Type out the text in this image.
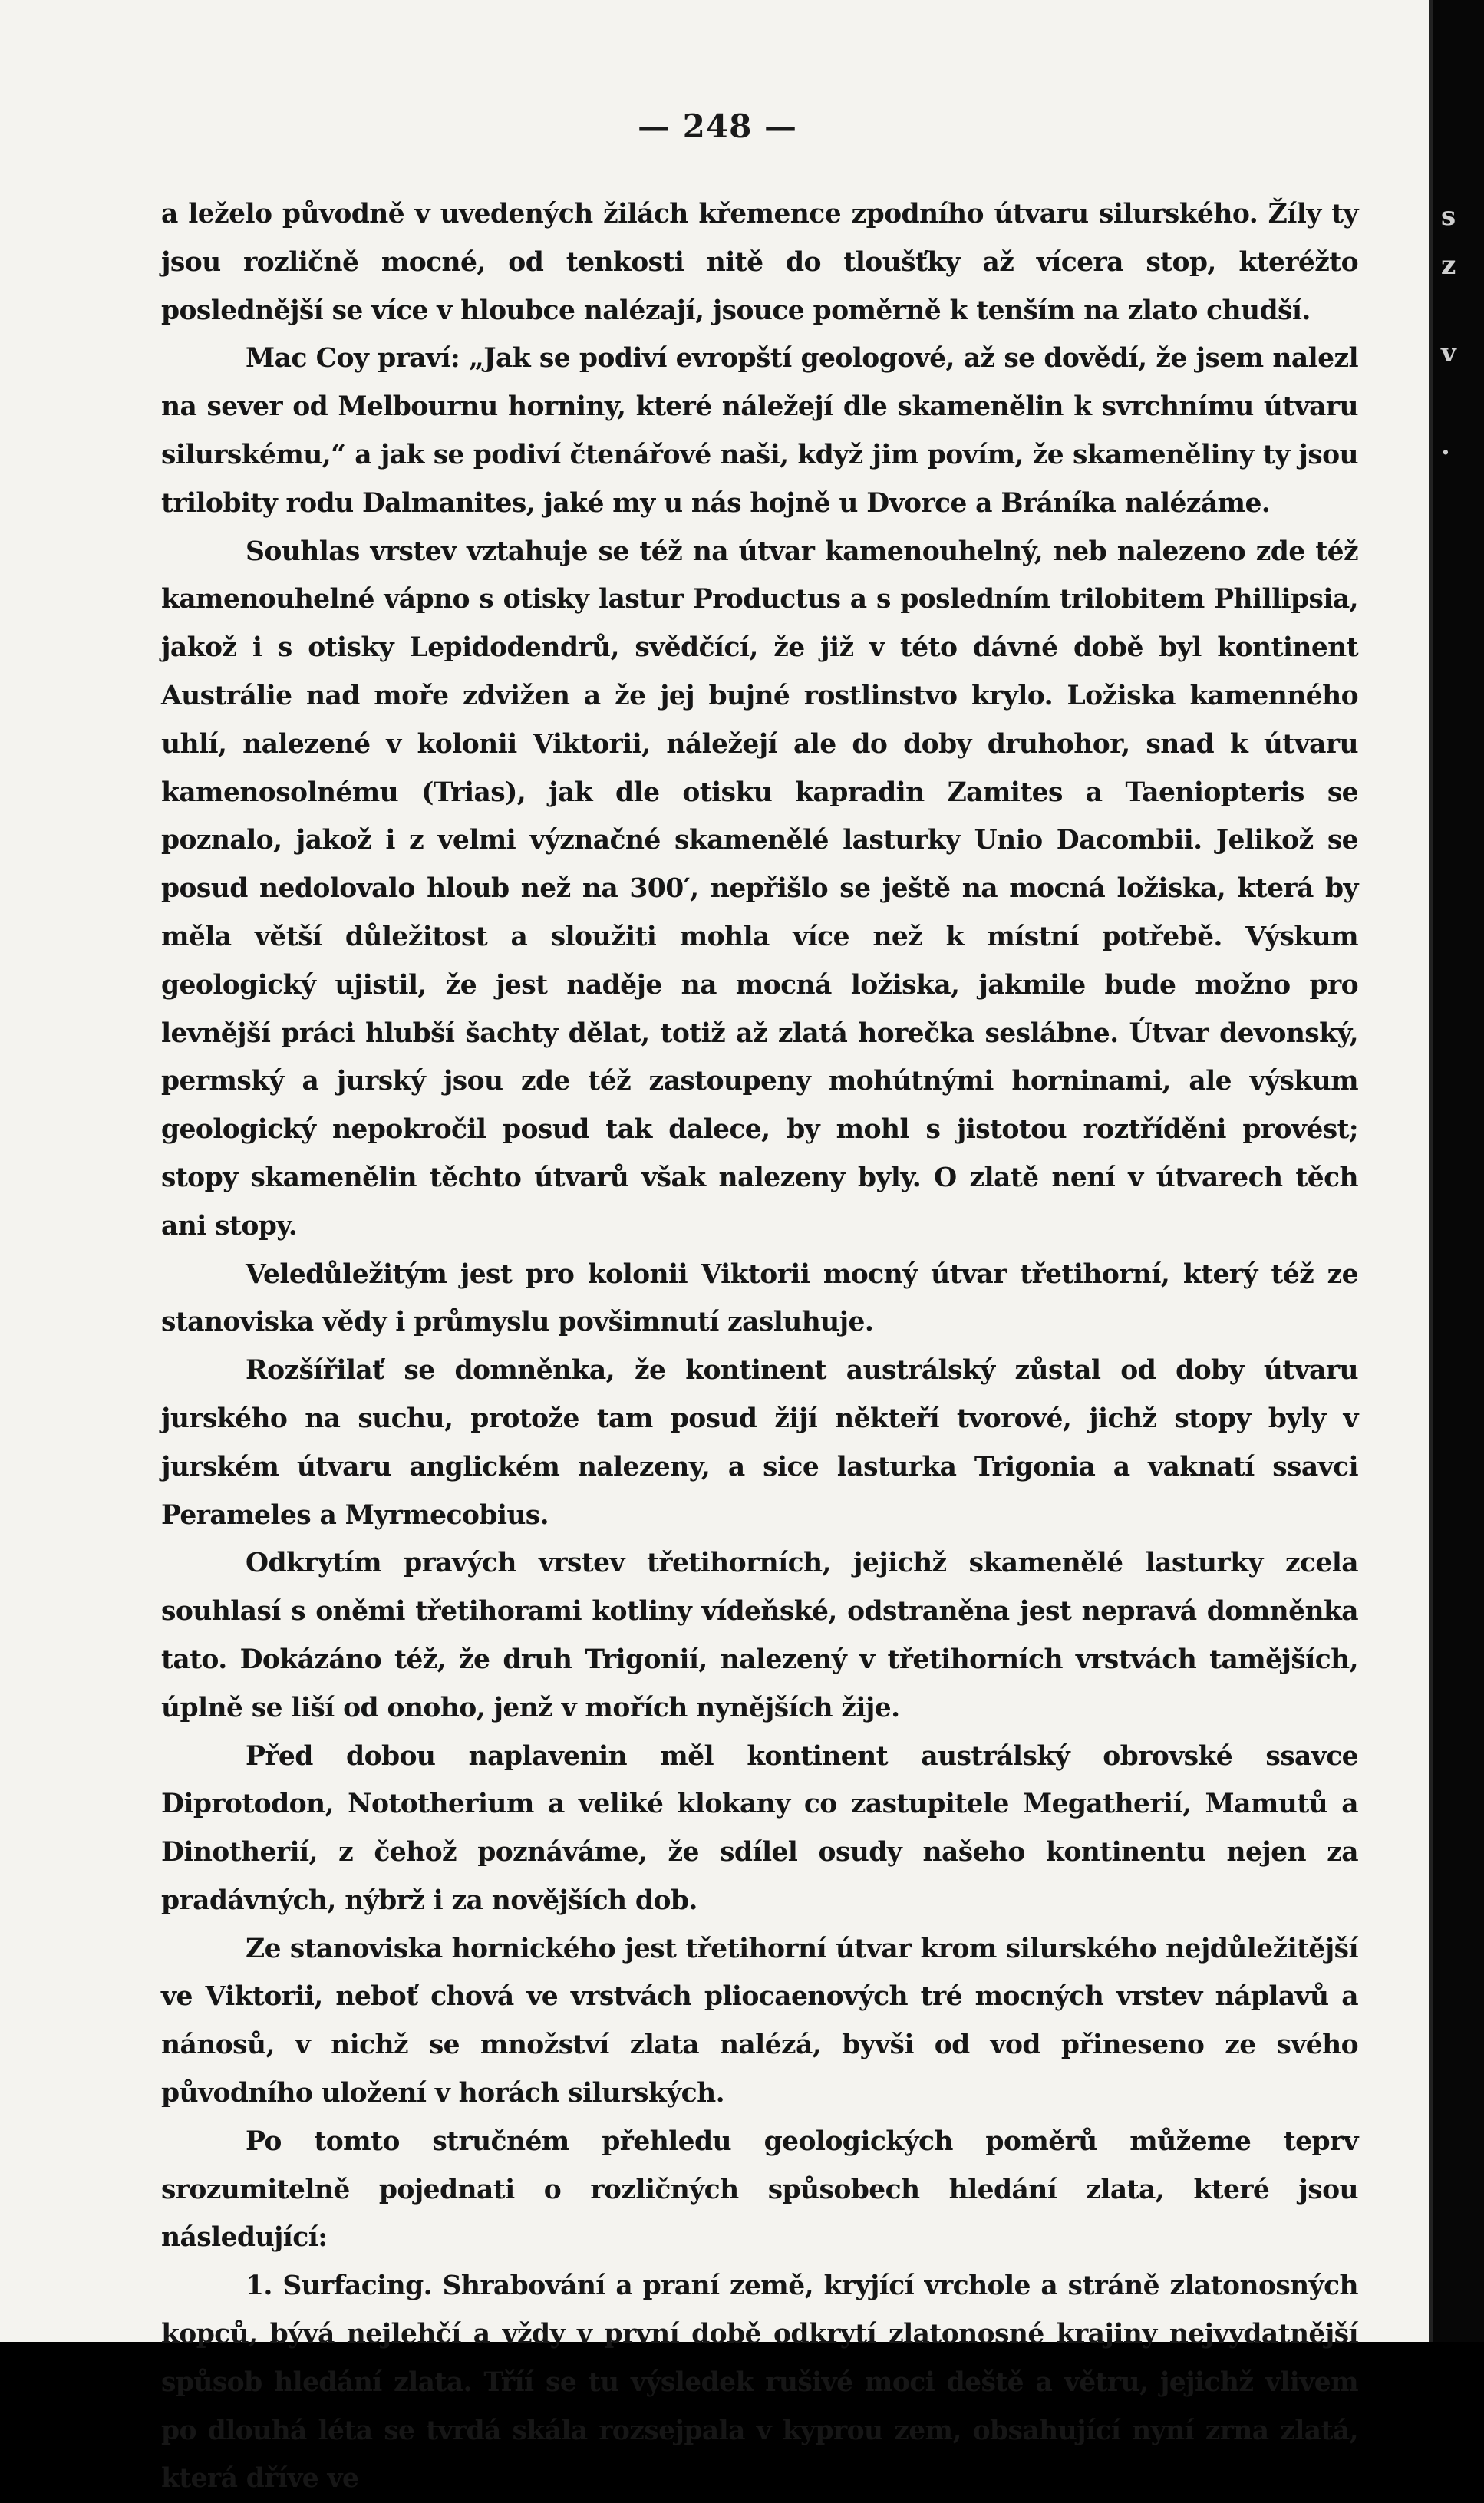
— 248 —

a leželo původně v uvedených žilách křemence zpodního útvaru silurského. Žíly ty jsou rozličně mocné, od tenkosti nitě do tloušťky až vícera stop, kteréžto poslednější se více v hloubce nalézají, jsouce poměrně k tenším na zlato chudší.

Mac Coy praví: „Jak se podiví evropští geologové, až se dovědí, že jsem nalezl na sever od Melbournu horniny, které náležejí dle skamenělin k svrchnímu útvaru silurskému,“ a jak se podiví čtenářové naši, když jim povím, že skameněliny ty jsou trilobity rodu Dalmanites, jaké my u nás hojně u Dvorce a Bráníka nalézáme.

Souhlas vrstev vztahuje se též na útvar kamenouhelný, neb nalezeno zde též kamenouhelné vápno s otisky lastur Productus a s posledním trilobitem Phillipsia, jakož i s otisky Lepidodendrů, svědčící, že již v této dávné době byl kontinent Austrálie nad moře zdvižen a že jej bujné rostlinstvo krylo. Ložiska kamenného uhlí, nalezené v kolonii Viktorii, náležejí ale do doby druhohor, snad k útvaru kamenosolnému (Trias), jak dle otisku kapradin Zamites a Taeniopteris se poznalo, jakož i z velmi význačné skamenělé lasturky Unio Dacombii. Jelikož se posud nedolovalo hloub než na 300′, nepřišlo se ještě na mocná ložiska, která by měla větší důležitost a sloužiti mohla více než k místní potřebě. Výskum geologický ujistil, že jest naděje na mocná ložiska, jakmile bude možno pro levnější práci hlubší šachty dělat, totiž až zlatá horečka seslábne. Útvar devonský, permský a jurský jsou zde též zastoupeny mohútnými horninami, ale výskum geologický nepokročil posud tak dalece, by mohl s jistotou roztříděni provést; stopy skamenělin těchto útvarů však nalezeny byly. O zlatě není v útvarech těch ani stopy.

Veledůležitým jest pro kolonii Viktorii mocný útvar třetihorní, který též ze stanoviska vědy i průmyslu povšimnutí zasluhuje.

Rozšířilať se domněnka, že kontinent austrálský zůstal od doby útvaru jurského na suchu, protože tam posud žijí někteří tvorové, jichž stopy byly v jurském útvaru anglickém nalezeny, a sice lasturka Trigonia a vaknatí ssavci Perameles a Myrmecobius.

Odkrytím pravých vrstev třetihorních, jejichž skamenělé lasturky zcela souhlasí s oněmi třetihorami kotliny vídeňské, odstraněna jest nepravá domněnka tato. Dokázáno též, že druh Trigonií, nalezený v třetihorních vrstvách tamějších, úplně se liší od onoho, jenž v mořích nynějších žije.

Před dobou naplavenin měl kontinent austrálský obrovské ssavce Diprotodon, Nototherium a veliké klokany co zastupitele Megatherií, Mamutů a Dinotherií, z čehož poznáváme, že sdílel osudy našeho kontinentu nejen za pradávných, nýbrž i za novějších dob.

Ze stanoviska hornického jest třetihorní útvar krom silurského nejdůležitější ve Viktorii, neboť chová ve vrstvách pliocaenových tré mocných vrstev náplavů a nánosů, v nichž se množství zlata nalézá, byvši od vod přineseno ze svého původního uložení v horách silurských.

Po tomto stručném přehledu geologických poměrů můžeme teprv srozumitelně pojednati o rozličných spůsobech hledání zlata, které jsou následující:

1. Surfacing. Shrabování a praní země, kryjící vrchole a stráně zlatonosných kopců, bývá nejlehčí a vždy v první době odkrytí zlatonosné krajiny nejvydatnější spůsob hledání zlata. Tříí se tu výsledek rušivé moci deště a větru, jejichž vlivem po dlouhá léta se tvrdá skála rozsejpala v kyprou zem, obsahující nyní zrna zlatá, která dříve ve

s
z
v
·
